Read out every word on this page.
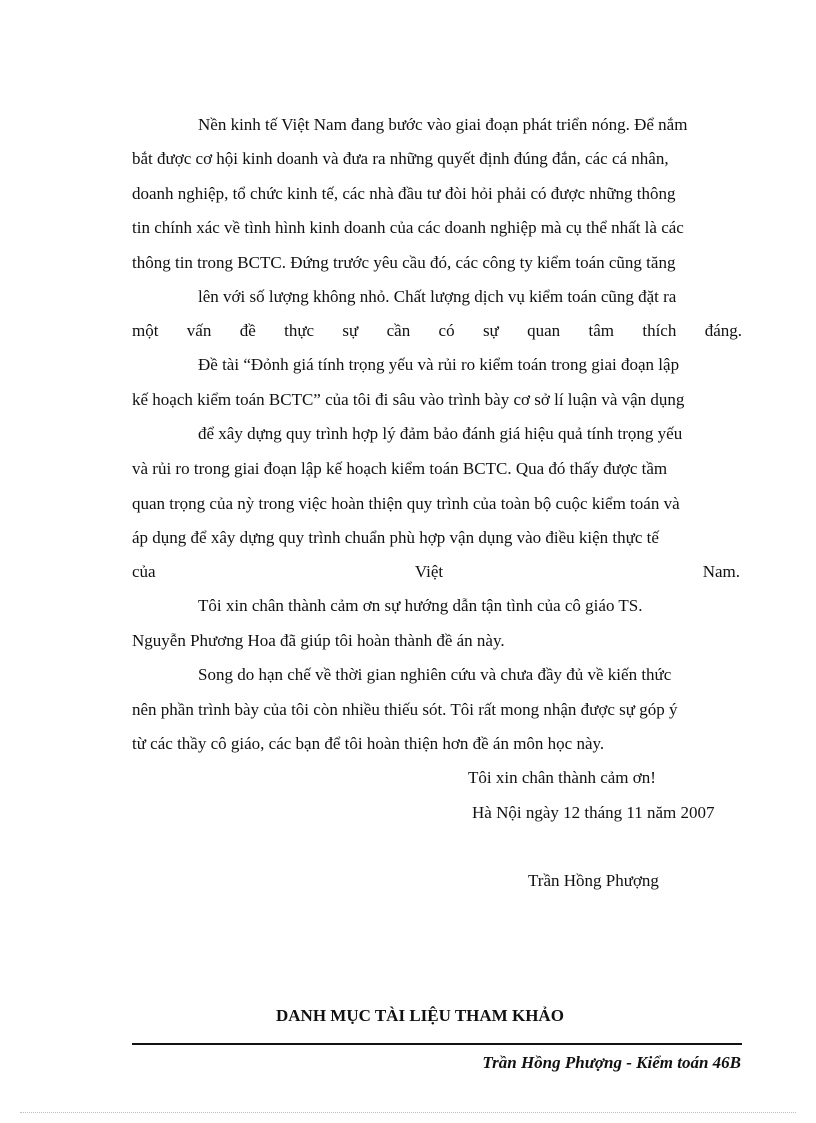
Nền kinh tế Việt Nam đang bước vào giai đoạn phát triển nóng. Để nắm
bắt được cơ hội kinh doanh và đưa ra những quyết định đúng đắn, các cá nhân,
doanh nghiệp, tổ chức kinh tế, các nhà đầu tư đòi hỏi phải có được những thông
tin chính xác về tình hình kinh doanh của các doanh nghiệp mà cụ thể nhất là các
thông tin trong BCTC. Đứng trước yêu cầu đó, các công ty kiểm toán cũng tăng
lên với số lượng không nhỏ. Chất lượng dịch vụ kiểm toán cũng đặt ra
một vấn đề thực sự cần có sự quan tâm thích đáng.
Đề tài “Đỏnh giá tính trọng yếu và rủi ro kiểm toán trong giai đoạn lập
kế hoạch kiểm toán BCTC” của tôi đi sâu vào trình bày cơ sở lí luận và vận dụng
để xây dựng quy trình hợp lý đảm bảo đánh giá hiệu quả tính trọng yếu
và rủi ro trong giai đoạn lập kế hoạch kiểm toán BCTC. Qua đó thấy được tầm
quan trọng của nỳ trong việc hoàn thiện quy trình của toàn bộ cuộc kiểm toán và
áp dụng để xây dựng quy trình chuẩn phù hợp vận dụng vào điều kiện thực tế
của Việt Nam.
Tôi xin chân thành cảm ơn sự hướng dẫn tận tình của cô giáo TS.
Nguyễn Phương Hoa đã giúp tôi hoàn thành đề án này.
Song do hạn chế về thời gian nghiên cứu và chưa đầy đủ về kiến thức
nên phần trình bày của tôi còn nhiều thiếu sót. Tôi rất mong nhận được sự góp ý
từ các thầy cô giáo, các bạn để tôi hoàn thiện hơn đề án môn học này.
Tôi xin chân thành cảm ơn!
Hà Nội ngày 12 tháng 11 năm 2007
Trần Hồng Phượng
DANH MỤC TÀI LIỆU THAM KHẢO
Trần Hồng Phượng - Kiểm toán 46B
